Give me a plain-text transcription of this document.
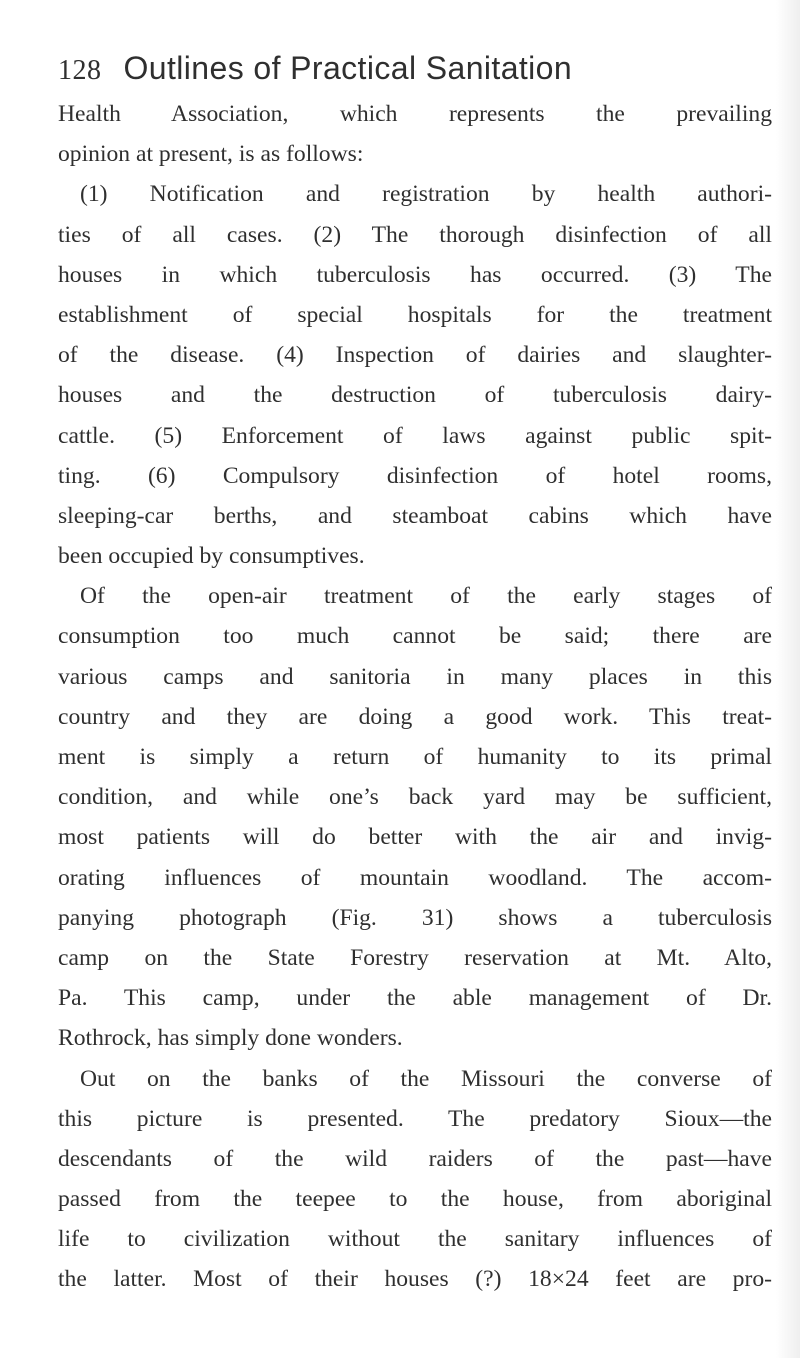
128 Outlines of Practical Sanitation
Health Association, which represents the prevailing
opinion at present, is as follows:
(1) Notification and registration by health authori-
ties of all cases. (2) The thorough disinfection of all
houses in which tuberculosis has occurred. (3) The
establishment of special hospitals for the treatment
of the disease. (4) Inspection of dairies and slaughter-
houses and the destruction of tuberculosis dairy-
cattle. (5) Enforcement of laws against public spit-
ting. (6) Compulsory disinfection of hotel rooms,
sleeping-car berths, and steamboat cabins which have
been occupied by consumptives.
Of the open-air treatment of the early stages of
consumption too much cannot be said; there are
various camps and sanitoria in many places in this
country and they are doing a good work. This treat-
ment is simply a return of humanity to its primal
condition, and while one’s back yard may be sufficient,
most patients will do better with the air and invig-
orating influences of mountain woodland. The accom-
panying photograph (Fig. 31) shows a tuberculosis
camp on the State Forestry reservation at Mt. Alto,
Pa. This camp, under the able management of Dr.
Rothrock, has simply done wonders.
Out on the banks of the Missouri the converse of
this picture is presented. The predatory Sioux—the
descendants of the wild raiders of the past—have
passed from the teepee to the house, from aboriginal
life to civilization without the sanitary influences of
the latter. Most of their houses (?) 18×24 feet are pro-
